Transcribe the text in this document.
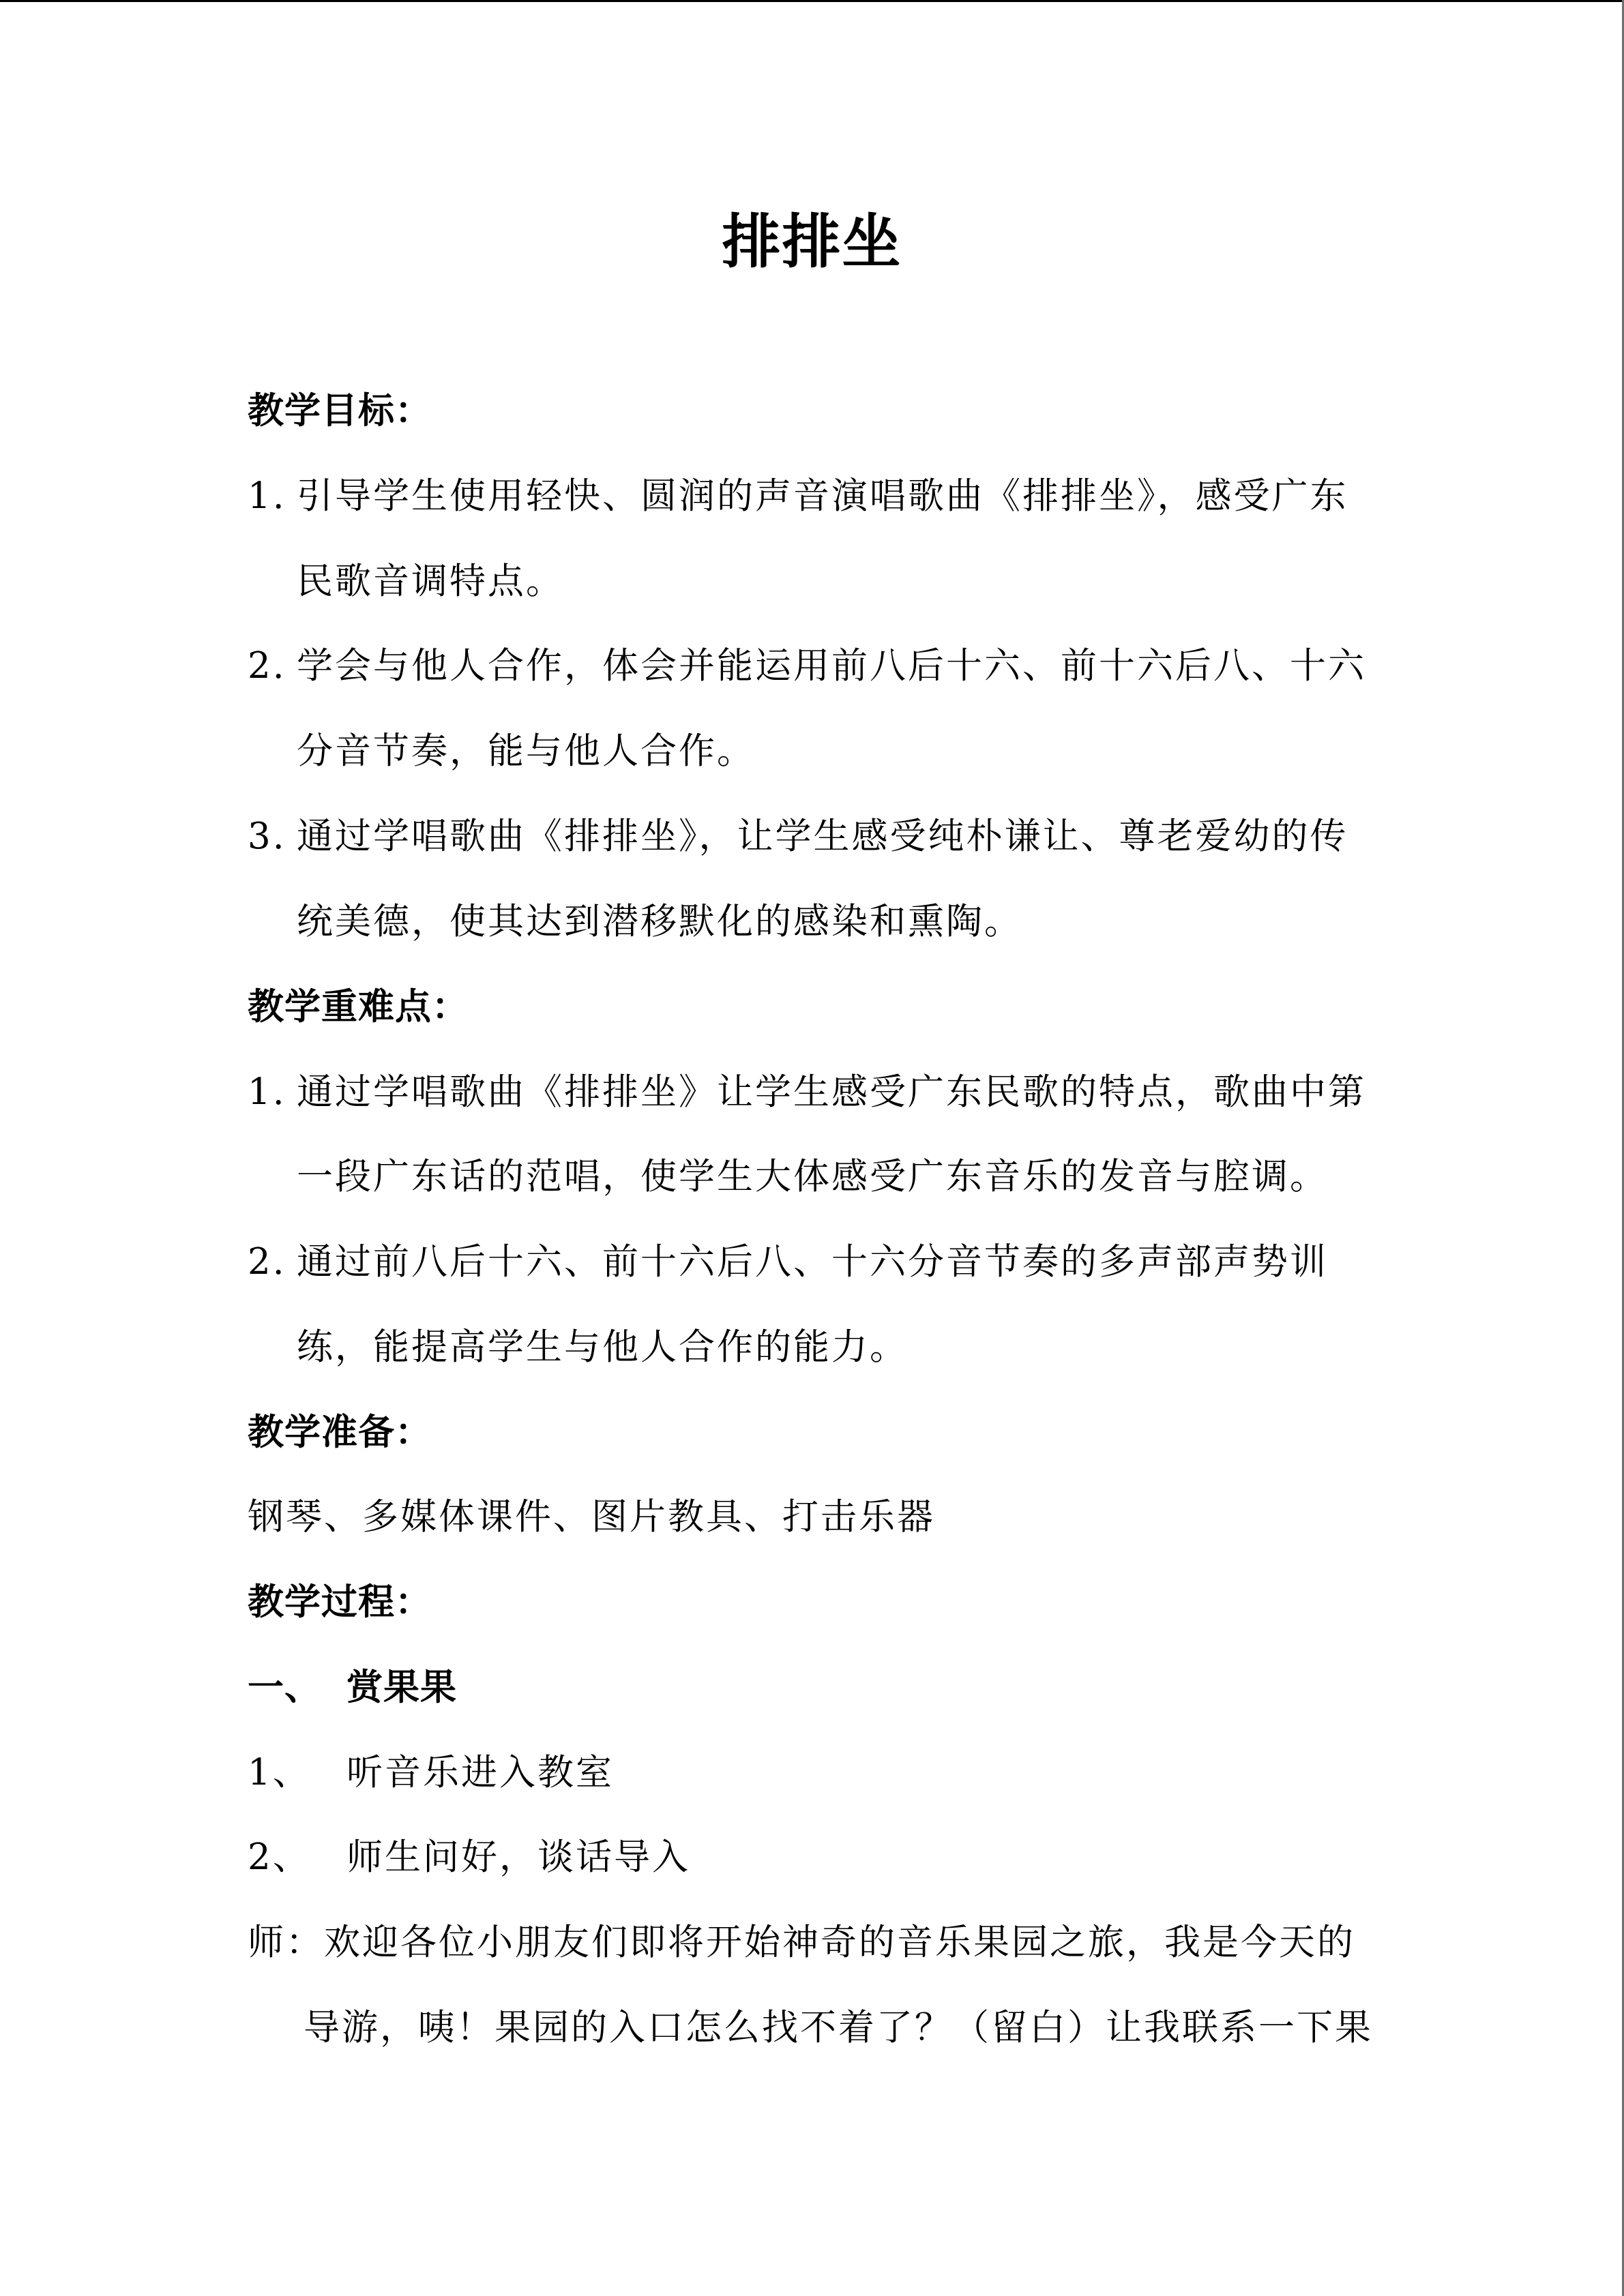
排排坐
教学目标：
1. 引导学生使用轻快、圆润的声音演唱歌曲《排排坐》，感受广东
民歌音调特点。
2. 学会与他人合作，体会并能运用前八后十六、前十六后八、十六
分音节奏，能与他人合作。
3. 通过学唱歌曲《排排坐》，让学生感受纯朴谦让、尊老爱幼的传
统美德，使其达到潜移默化的感染和熏陶。
教学重难点：
1. 通过学唱歌曲《排排坐》让学生感受广东民歌的特点，歌曲中第
一段广东话的范唱，使学生大体感受广东音乐的发音与腔调。
2. 通过前八后十六、前十六后八、十六分音节奏的多声部声势训
练，能提高学生与他人合作的能力。
教学准备：
钢琴、多媒体课件、图片教具、打击乐器
教学过程：
一、 赏果果
1、 听音乐进入教室
2、 师生问好，谈话导入
师：欢迎各位小朋友们即将开始神奇的音乐果园之旅，我是今天的
导游，咦！果园的入口怎么找不着了？（留白）让我联系一下果
